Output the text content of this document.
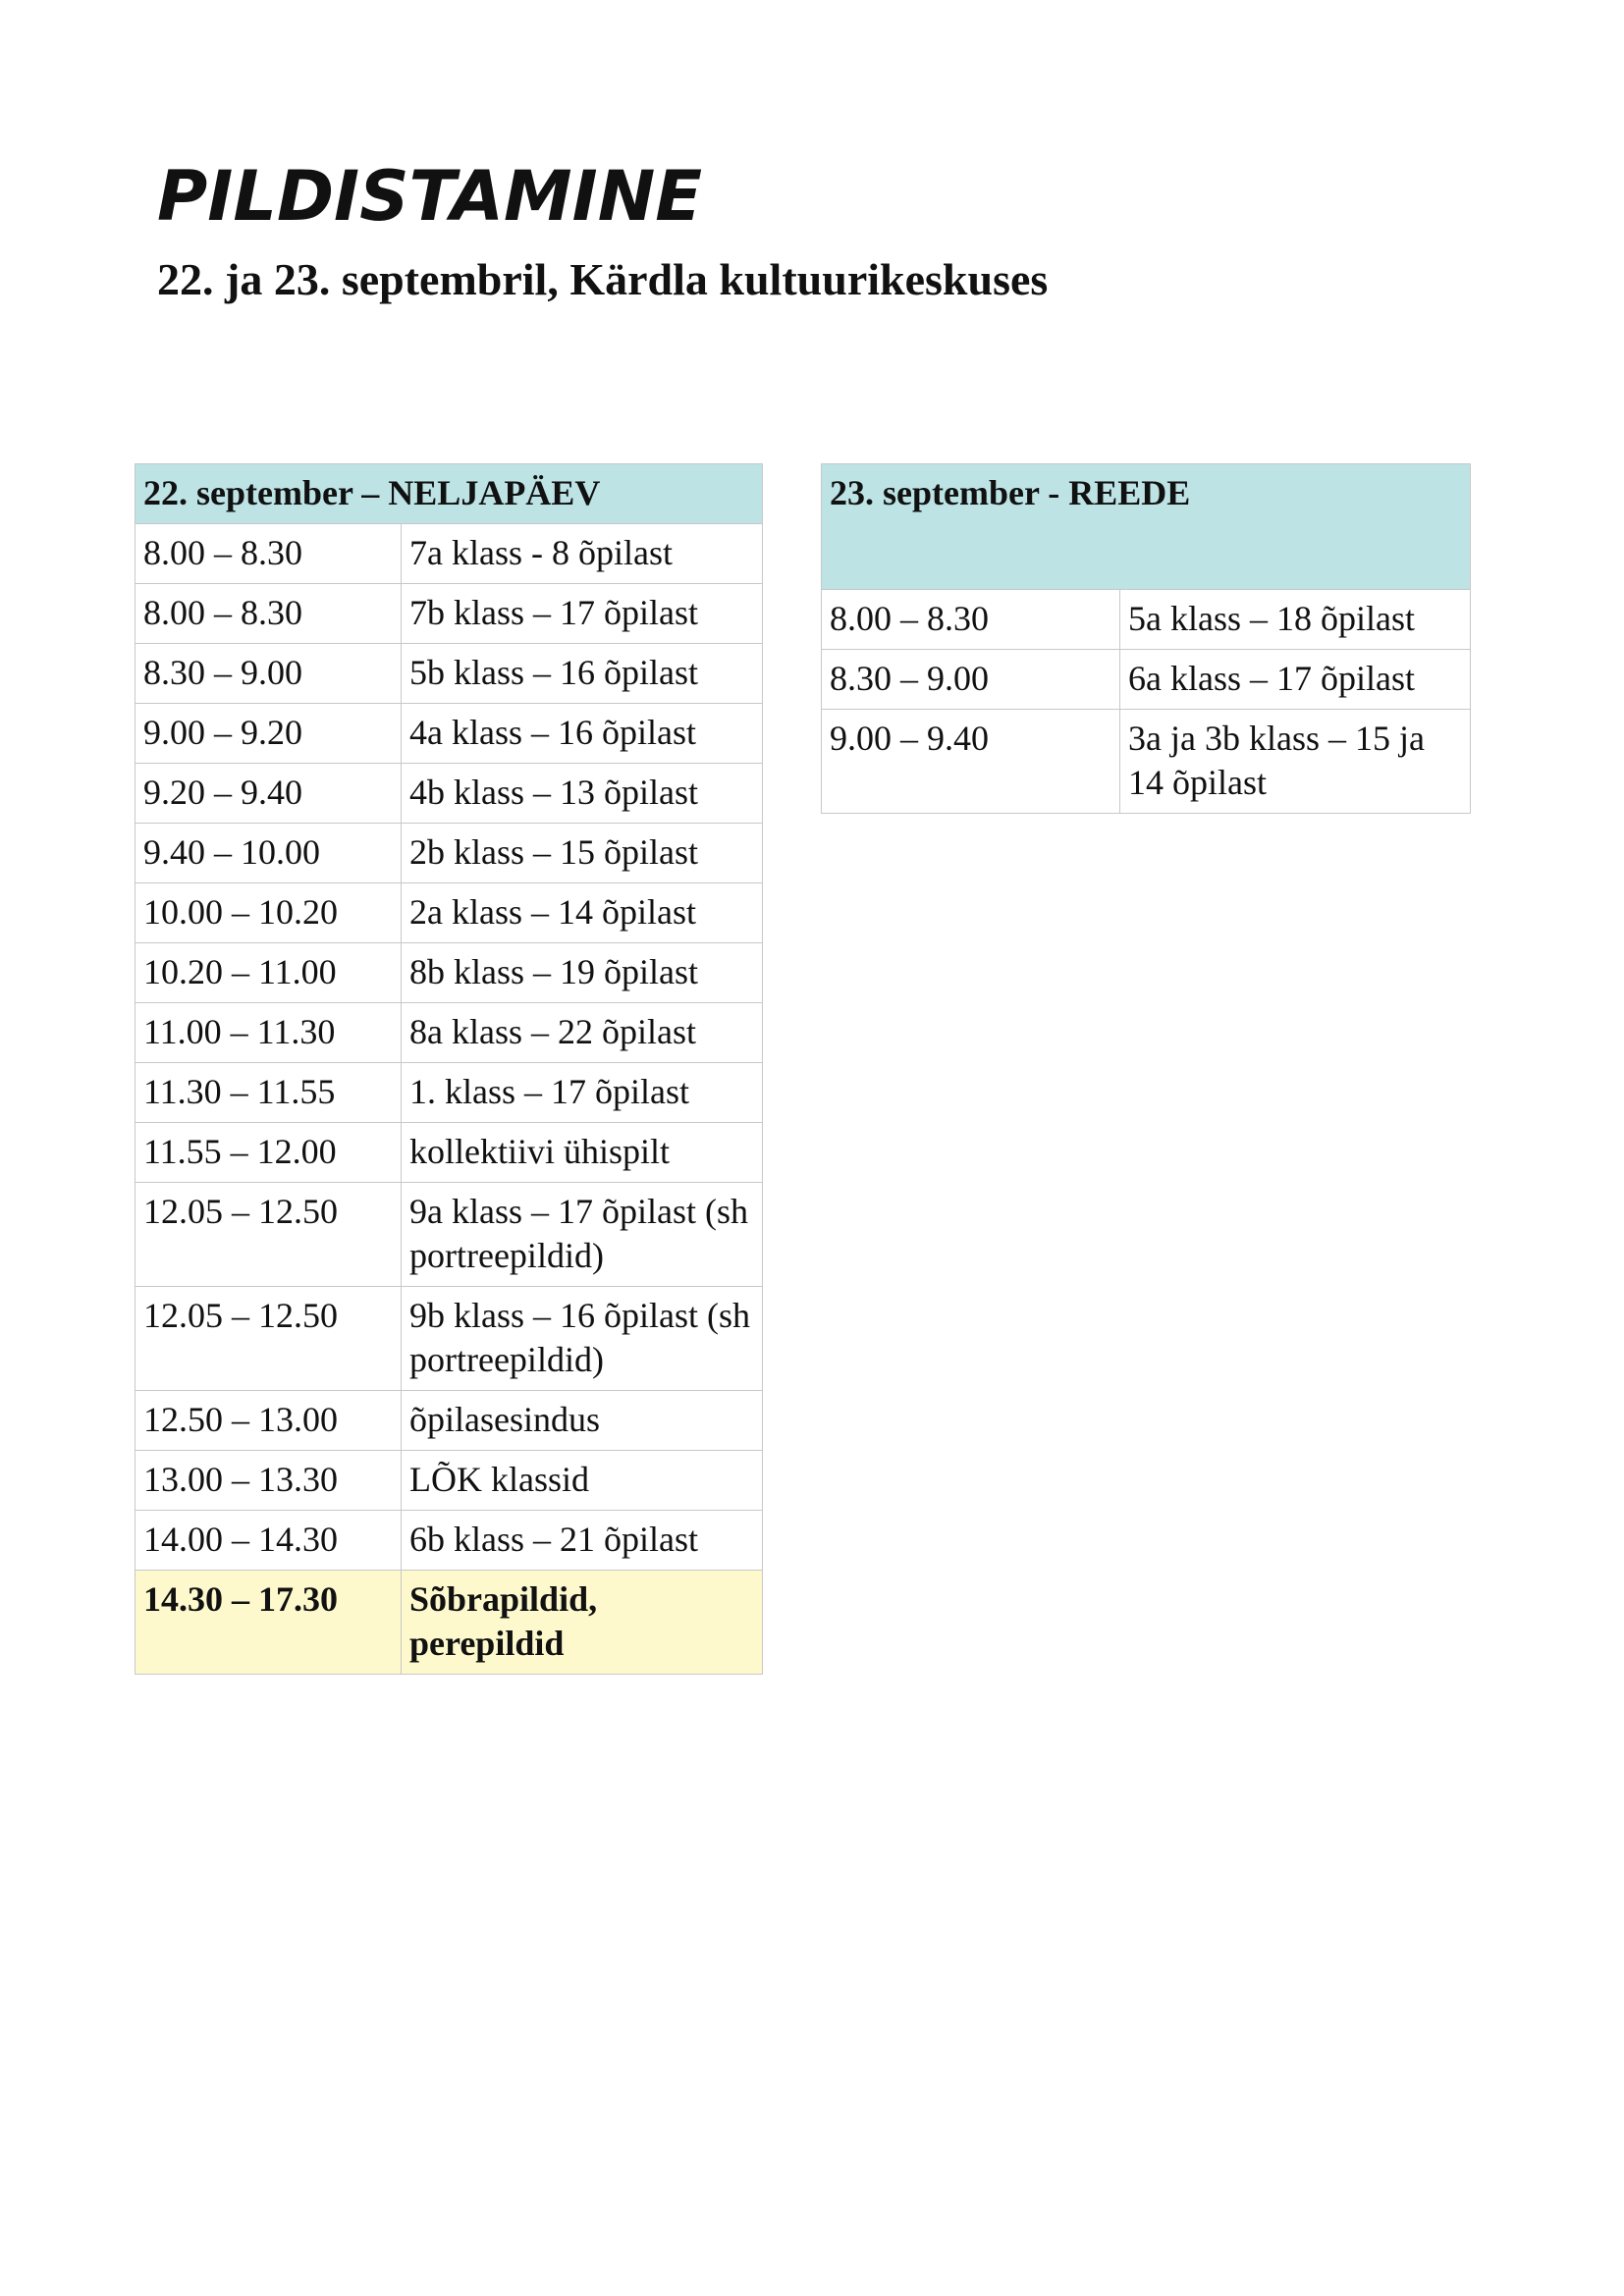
PILDISTAMINE
22. ja 23. septembril, Kärdla kultuurikeskuses
22. september – NELJAPÄEV	
8.00 – 8.30	7a klass - 8 õpilast
8.00 – 8.30	7b klass – 17 õpilast
8.30 – 9.00	5b klass – 16 õpilast
9.00 – 9.20	4a klass – 16 õpilast
9.20 – 9.40	4b klass – 13 õpilast
9.40 – 10.00	2b klass – 15 õpilast
10.00 – 10.20	2a klass – 14 õpilast
10.20 – 11.00	8b klass – 19 õpilast
11.00 – 11.30	8a klass – 22 õpilast
11.30 – 11.55	1. klass – 17 õpilast
11.55 – 12.00	kollektiivi ühispilt
12.05 – 12.50	9a klass – 17 õpilast (sh portreepildid)
12.05 – 12.50	9b klass – 16 õpilast (sh portreepildid)
12.50 – 13.00	õpilasesindus
13.00 – 13.30	LÕK klassid
14.00 – 14.30	6b klass – 21 õpilast
14.30 – 17.30	Sõbrapildid, perepildid
23. september - REEDE	
8.00 – 8.30	5a klass – 18 õpilast
8.30 – 9.00	6a klass – 17 õpilast
9.00 – 9.40	3a ja 3b klass – 15 ja 14 õpilast
